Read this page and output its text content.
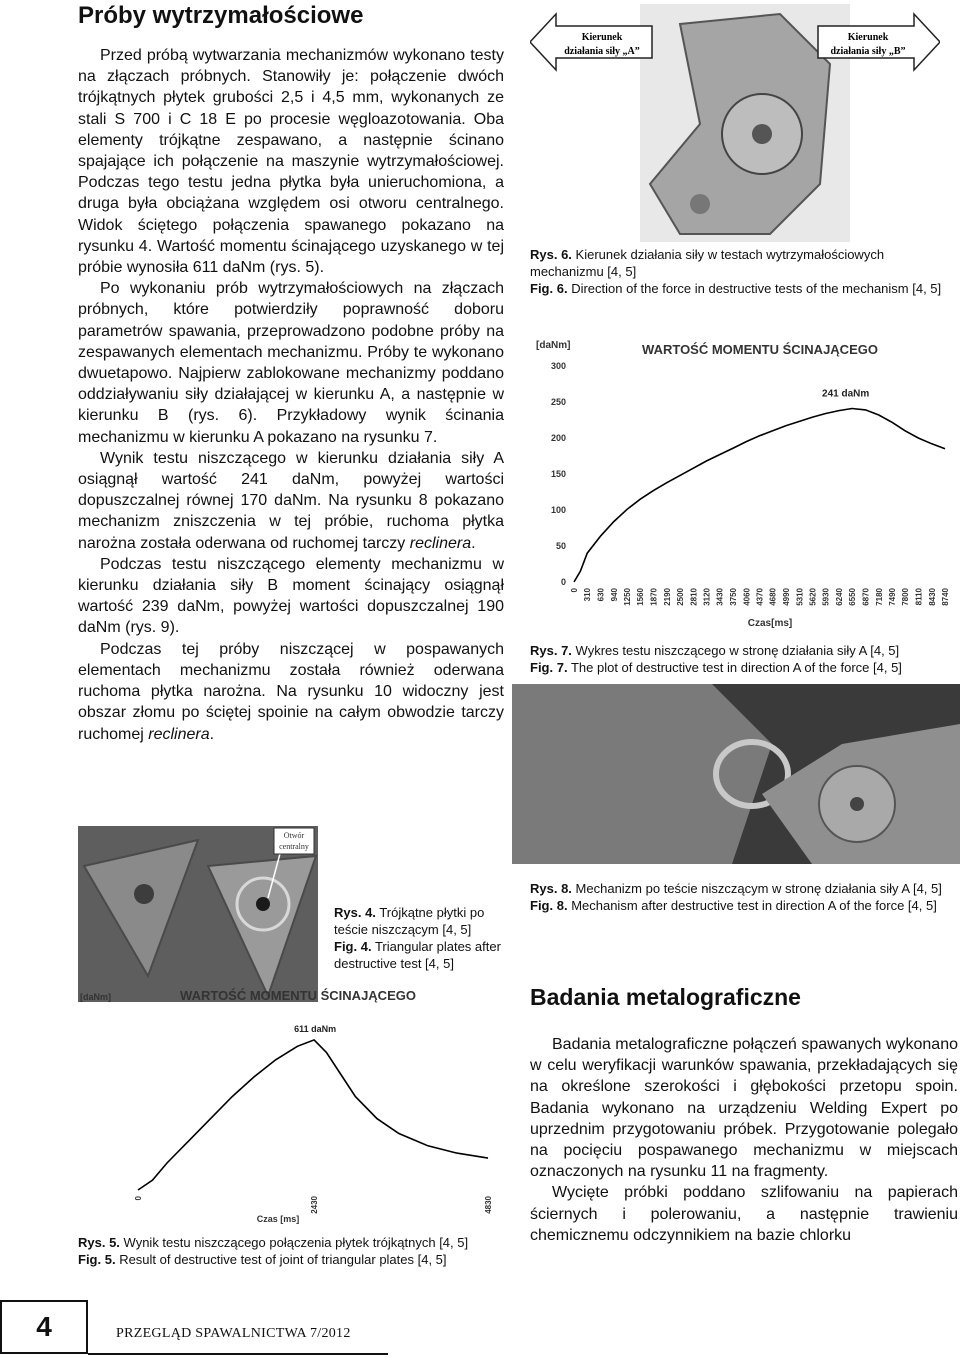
Próby wytrzymałościowe

Przed próbą wytwarzania mechanizmów wykonano testy na złączach próbnych. Stanowiły je: połączenie dwóch trójkątnych płytek grubości 2,5 i 4,5 mm, wykonanych ze stali S 700 i C 18 E po procesie węgloazotowania. Oba elementy trójkątne zespawano, a następnie ścinano spajające ich połączenie na maszynie wytrzymałościowej. Podczas tego testu jedna płytka była unieruchomiona, a druga była obciążana względem osi otworu centralnego. Widok ściętego połączenia spawanego pokazano na rysunku 4. Wartość momentu ścinającego uzyskanego w tej próbie wynosiła 611 daNm (rys. 5).

Po wykonaniu prób wytrzymałościowych na złączach próbnych, które potwierdziły poprawność doboru parametrów spawania, przeprowadzono podobne próby na zespawanych elementach mechanizmu. Próby te wykonano dwuetapowo. Najpierw zablokowane mechanizmy poddano oddziaływaniu siły działającej w kierunku A, a następnie w kierunku B (rys. 6). Przykładowy wynik ścinania mechanizmu w kierunku A pokazano na rysunku 7.

Wynik testu niszczącego w kierunku działania siły A osiągnął wartość 241 daNm, powyżej wartości dopuszczalnej równej 170 daNm. Na rysunku 8 pokazano mechanizm zniszczenia w tej próbie, ruchoma płytka narożna została oderwana od ruchomej tarczy reclinera.

Podczas testu niszczącego elementy mechanizmu w kierunku działania siły B moment ścinający osiągnął wartość 239 daNm, powyżej wartości dopuszczalnej 190 daNm (rys. 9).

Podczas tej próby niszczącej w pospawanych elementach mechanizmu została również oderwana ruchoma płytka narożna. Na rysunku 10 widoczny jest obszar złomu po ściętej spoinie na całym obwodzie tarczy ruchomej reclinera.

Otwór
centralny
Rys. 4. Trójkątne płytki po teście niszczącym [4, 5]
Fig. 4. Triangular plates after destructive test [4, 5]
[daNm]	WARTOŚĆ MOMENTU ŚCINAJĄCEGO
Czas [ms]
611 daNm
0	2430	4830
Rys. 5. Wynik testu niszczącego połączenia płytek trójkątnych [4, 5]
Fig. 5. Result of destructive test of joint of triangular plates [4, 5]
Kierunek
działania siły „A”
Kierunek
działania siły „B”
Rys. 6. Kierunek działania siły w testach wytrzymałościowych mechanizmu [4, 5]
Fig. 6. Direction of the force in destructive tests of the mechanism [4, 5]
[daNm]	WARTOŚĆ MOMENTU ŚCINAJĄCEGO
Czas[ms]
241 daNm
0
50
100
150
200
250
300
0 310 630 940 1250 1560 1870 2190 2500 2810 3120 3430 3750 4060 4370 4680 4990 5310 5620 5930 6240 6550 6870 7180 7490 7800 8110 8430 8740
Rys. 7. Wykres testu niszczącego w stronę działania siły A [4, 5]
Fig. 7. The plot of destructive test in direction A of the force [4, 5]
Rys. 8. Mechanizm po teście niszczącym w stronę działania siły A [4, 5]
Fig. 8. Mechanism after destructive test in direction A of the force [4, 5]
Badania metalograficzne

Badania metalograficzne połączeń spawanych wykonano w celu weryfikacji warunków spawania, przekładających się na określone szerokości i głębokości przetopu spoin. Badania wykonano na urządzeniu Welding Expert po uprzednim przygotowaniu próbek. Przygotowanie polegało na pocięciu pospawanego mechanizmu w miejscach oznaczonych na rysunku 11 na fragmenty.

Wycięte próbki poddano szlifowaniu na papierach ściernych i polerowaniu, a następnie trawieniu chemicznemu odczynnikiem na bazie chlorku

4	PRZEGLĄD SPAWALNICTWA 7/2012
